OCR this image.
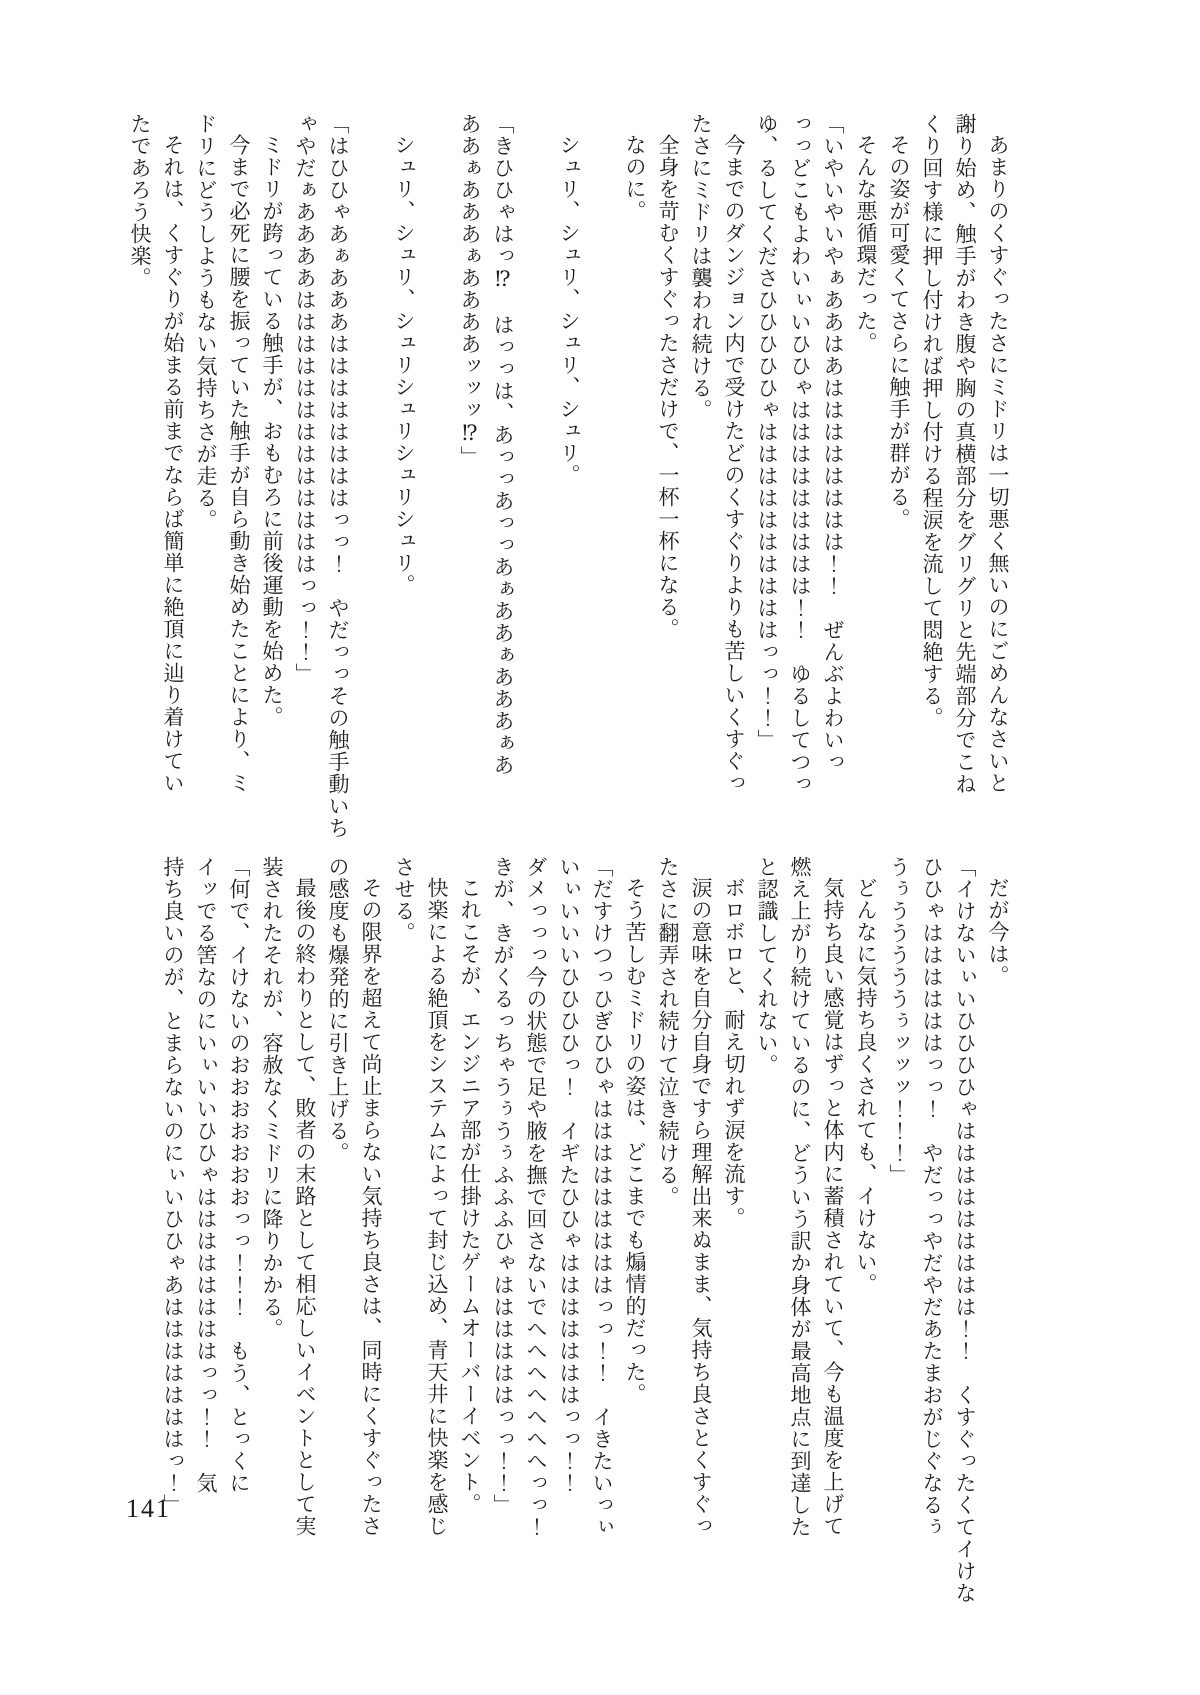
あまりのくすぐったさにミドリは一切悪く無いのにごめんなさいと
謝り始め、触手がわき腹や胸の真横部分をグリグリと先端部分でこね
くり回す様に押し付ければ押し付ける程涙を流して悶絶する。
その姿が可愛くてさらに触手が群がる。
そんな悪循環だった。
「いやいやいやぁああはあはははははははは！！　ぜんぶよわいっ
っっどこもよわいぃいひひゃははははははははは！！　ゆるしてつっ
ゆ、るしてくださひひひひひゃははははははははははっっ！！」
今までのダンジョン内で受けたどのくすぐりよりも苦しいくすぐっ
たさにミドリは襲われ続ける。
全身を苛むくすぐったさだけで、一杯一杯になる。
なのに。
シュリ、シュリ、シュリ、シュリ。
「きひひゃはっ⁉　はっっは、あっっあっっあぁああぁあああぁあ
ああぁあああぁああああッッッ⁉」
シュリ、シュリ、シュリシュリシュリシュリ。
「はひひゃあぁあああははははははははっっ！　やだっっその触手動いち
ゃやだぁああああはははははははははははははっっ！！」
ミドリが跨っている触手が、おもむろに前後運動を始めた。
今まで必死に腰を振っていた触手が自ら動き始めたことにより、ミ
ドリにどうしようもない気持ちさが走る。
それは、くすぐりが始まる前までならば簡単に絶頂に辿り着けてい
たであろう快楽。
だが今は。
「イけないぃいひひひひゃははははははははは！！　くすぐったくてイけな
ひひゃははははははっっ！　やだっっやだやだあたまおがじぐなるぅ
うぅうううううぅッッッ！！！」
どんなに気持ち良くされても、イけない。
気持ち良い感覚はずっと体内に蓄積されていて、今も温度を上げて
燃え上がり続けているのに、どういう訳か身体が最高地点に到達した
と認識してくれない。
ボロボロと、耐え切れず涙を流す。
涙の意味を自分自身ですら理解出来ぬまま、気持ち良さとくすぐっ
たさに翻弄され続けて泣き続ける。
そう苦しむミドリの姿は、どこまでも煽情的だった。
「だすけつっひぎひひゃはははははははははっっ！！　イきたいっぃ
いぃいいいひひひひっ！　イギたひひゃはははははははっっ！！
ダメっっっ今の状態で足や腋を撫で回さないでへへへへへへへっっ！
きが、きがくるっちゃうぅうぅふふふひゃははははははっっ！！」
これこそが、エンジニア部が仕掛けたゲームオーバーイベント。
快楽による絶頂をシステムによって封じ込め、青天井に快楽を感じ
させる。
その限界を超えて尚止まらない気持ち良さは、同時にくすぐったさ
の感度も爆発的に引き上げる。
最後の終わりとして、敗者の末路として相応しいイベントとして実
装されたそれが、容赦なくミドリに降りかかる。
「何で、イけないのおおおおおおおっっ！！！　もう、とっくに
イッでる筈なのにいぃいいひひゃははははははははっっ！！　気
持ち良いのが、とまらないのにぃいひひゃあはははははははっ！」
141
